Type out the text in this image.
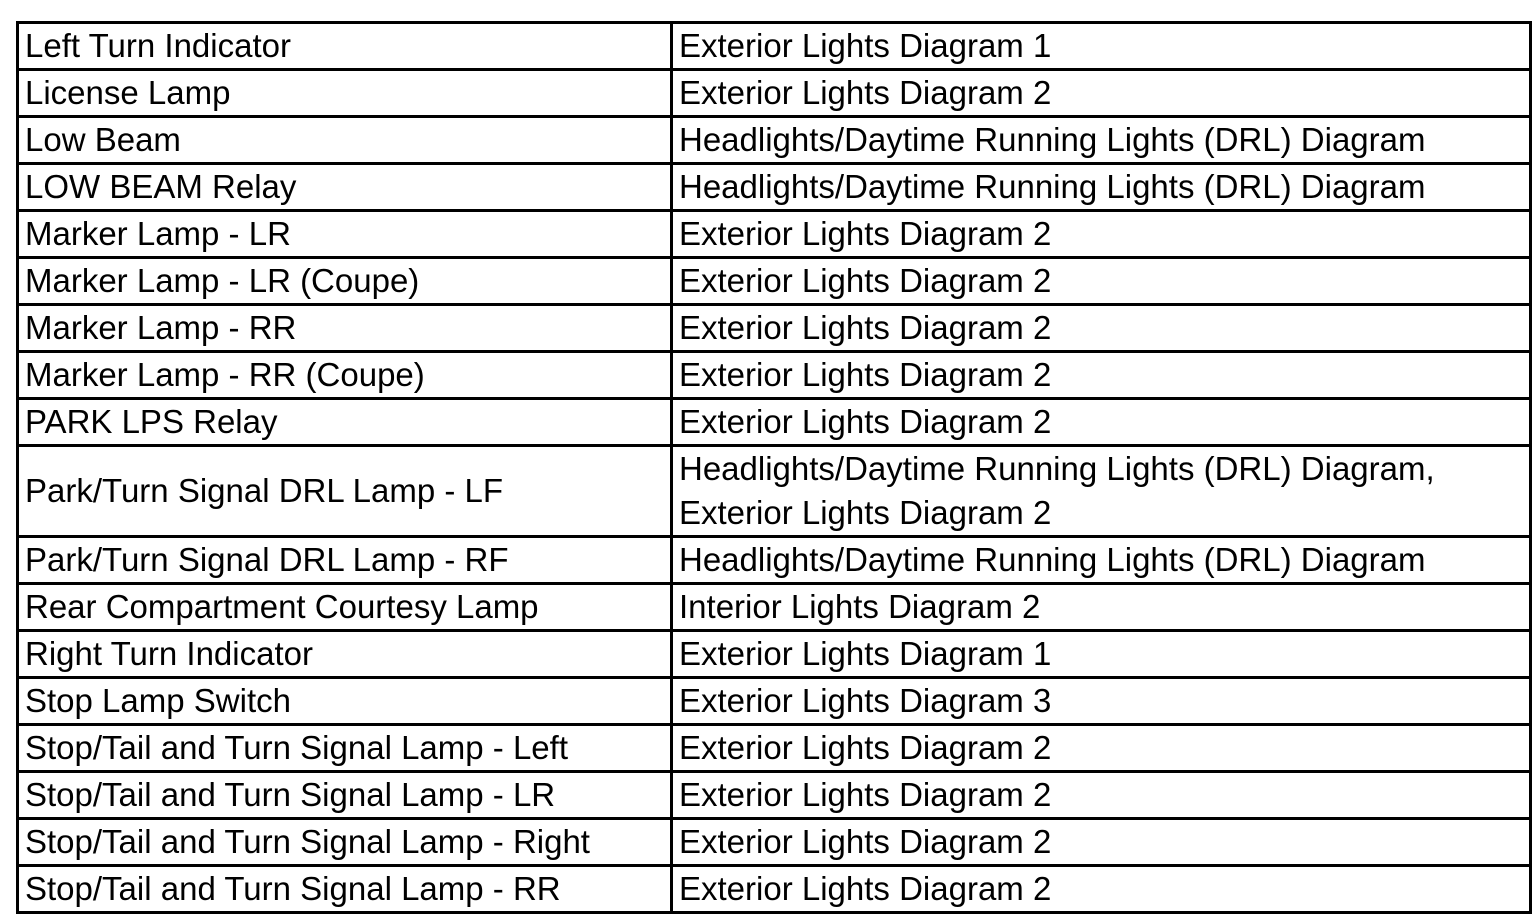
Left Turn Indicator	Exterior Lights Diagram 1

License Lamp	Exterior Lights Diagram 2

Low Beam	Headlights/Daytime Running Lights (DRL) Diagram

LOW BEAM Relay	Headlights/Daytime Running Lights (DRL) Diagram

Marker Lamp - LR	Exterior Lights Diagram 2

Marker Lamp - LR (Coupe)	Exterior Lights Diagram 2

Marker Lamp - RR	Exterior Lights Diagram 2

Marker Lamp - RR (Coupe)	Exterior Lights Diagram 2

PARK LPS Relay	Exterior Lights Diagram 2

Park/Turn Signal DRL Lamp - LF	Headlights/Daytime Running Lights (DRL) Diagram,
Exterior Lights Diagram 2

Park/Turn Signal DRL Lamp - RF	Headlights/Daytime Running Lights (DRL) Diagram

Rear Compartment Courtesy Lamp	Interior Lights Diagram 2

Right Turn Indicator	Exterior Lights Diagram 1

Stop Lamp Switch	Exterior Lights Diagram 3

Stop/Tail and Turn Signal Lamp - Left	Exterior Lights Diagram 2

Stop/Tail and Turn Signal Lamp - LR	Exterior Lights Diagram 2

Stop/Tail and Turn Signal Lamp - Right	Exterior Lights Diagram 2

Stop/Tail and Turn Signal Lamp - RR	Exterior Lights Diagram 2
